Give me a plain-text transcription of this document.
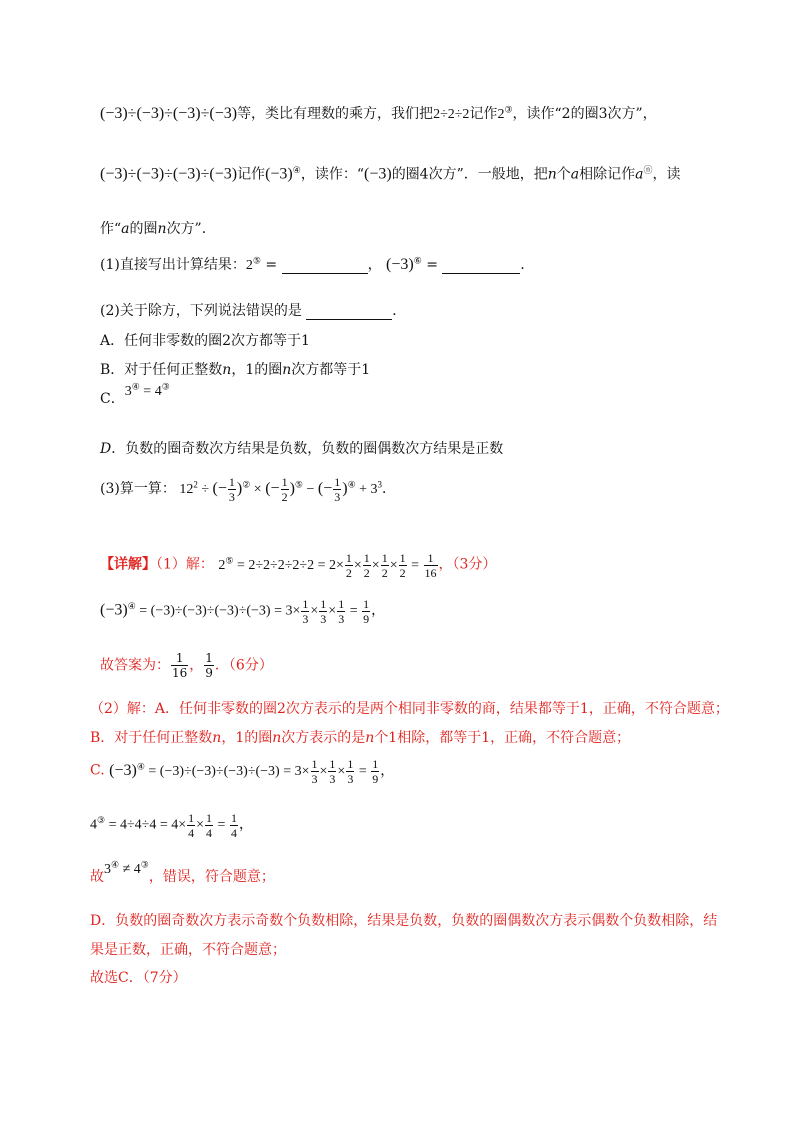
(−3)÷(−3)÷(−3)÷(−3)等，类比有理数的乘方，我们把2÷2÷2记作2③，读作“2的圈3次方”，
(−3)÷(−3)÷(−3)÷(−3)记作(−3)④，读作：“(−3)的圈4次方”．一般地，把n个a相除记作aⓝ，读
作“a的圈n次方”．
(1)直接写出计算结果：2⑤ =	， (−3)⑥ =	．
(2)关于除方，下列说法错误的是	．
A．任何非零数的圈2次方都等于1
B．对于任何正整数n，1的圈n次方都等于1
C．3④ = 4③
D．负数的圈奇数次方结果是负数，负数的圈偶数次方结果是正数
(3)算一算： $12^2$ ÷ (− $\frac{1}{3} )^②$ × (− $\frac{1}{2} )^⑤$ − (− $\frac{1}{3} )^④ + 3^3$．
【详解】（1）解： $2^⑤ = 2\div 2\div 2\div 2\div 2 = 2\times \frac{1}{2} \times \frac{1}{2} \times \frac{1}{2} \times \frac{1}{2} = \frac{1}{16}$ ，（3分）
$(-3)^④ = (-3)\div(-3)\div(-3)\div(-3) = 3\times \frac{1}{3} \times \frac{1}{3} \times \frac{1}{3} = \frac{1}{9}$ ，
故答案为： $\frac{1}{16}$ ， $\frac{1}{9}$ ．（6分）
（2）解：A．任何非零数的圈2次方表示的是两个相同非零数的商，结果都等于1，正确，不符合题意；
B．对于任何正整数n，1的圈n次方表示的是n个1相除，都等于1，正确，不符合题意；
C. $(-3)^④ = (-3)\div(-3)\div(-3)\div(-3) = 3\times \frac{1}{3} \times \frac{1}{3} \times \frac{1}{3} = \frac{1}{9}$ ，
$4^③ = 4\div 4\div 4 = 4\times \frac{1}{4} \times \frac{1}{4} = \frac{1}{4}$ ，
故3④ ≠ 4③，错误，符合题意；
D．负数的圈奇数次方表示奇数个负数相除，结果是负数，负数的圈偶数次方表示偶数个负数相除，结
果是正数，正确，不符合题意；
故选C．（7分）
